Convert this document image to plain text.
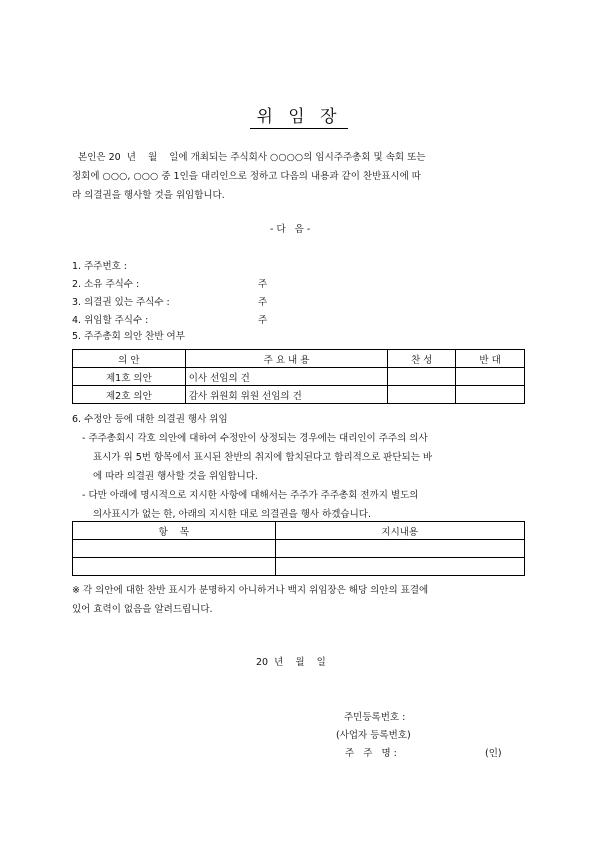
위 임 장
본인은 20  년    월    일에 개최되는 주식회사 ○○○○의 임시주주총회 및 속회 또는
정회에 ○○○, ○○○ 중 1인을 대리인으로 정하고 다음의 내용과 같이 찬반표시에 따
라 의결권을 행사할 것을 위임합니다.
- 다   음 -
1. 주주번호 :
2. 소유 주식수 :	주
3. 의결권 있는 주식수 :	주
4. 위임할 주식수 :	주
5. 주주총회 의안 찬반 여부
의 안	주 요 내 용	찬 성	반 대
제1호 의안	이사 선임의 건		
제2호 의안	감사 위원회 위원 선임의 건		
6. 수정안 등에 대한 의결권 행사 위임
- 주주총회시 각호 의안에 대하여 수정안이 상정되는 경우에는 대리인이 주주의 의사
표시가 위 5번 항목에서 표시된 찬반의 취지에 합치된다고 합리적으로 판단되는 바
에 따라 의결권 행사할 것을 위임합니다.
- 다만 아래에 명시적으로 지시한 사항에 대해서는 주주가 주주총회 전까지 별도의
의사표시가 없는 한, 아래의 지시한 대로 의결권을 행사 하겠습니다.
항    목	지시내용

※ 각 의안에 대한 찬반 표시가 분명하지 아니하거나 백지 위임장은 해당 의안의 표결에
있어 효력이 없음을 알려드립니다.
20  년    월    일
주민등록번호 :
(사업자 등록번호)
주   주   명 :	(인)
